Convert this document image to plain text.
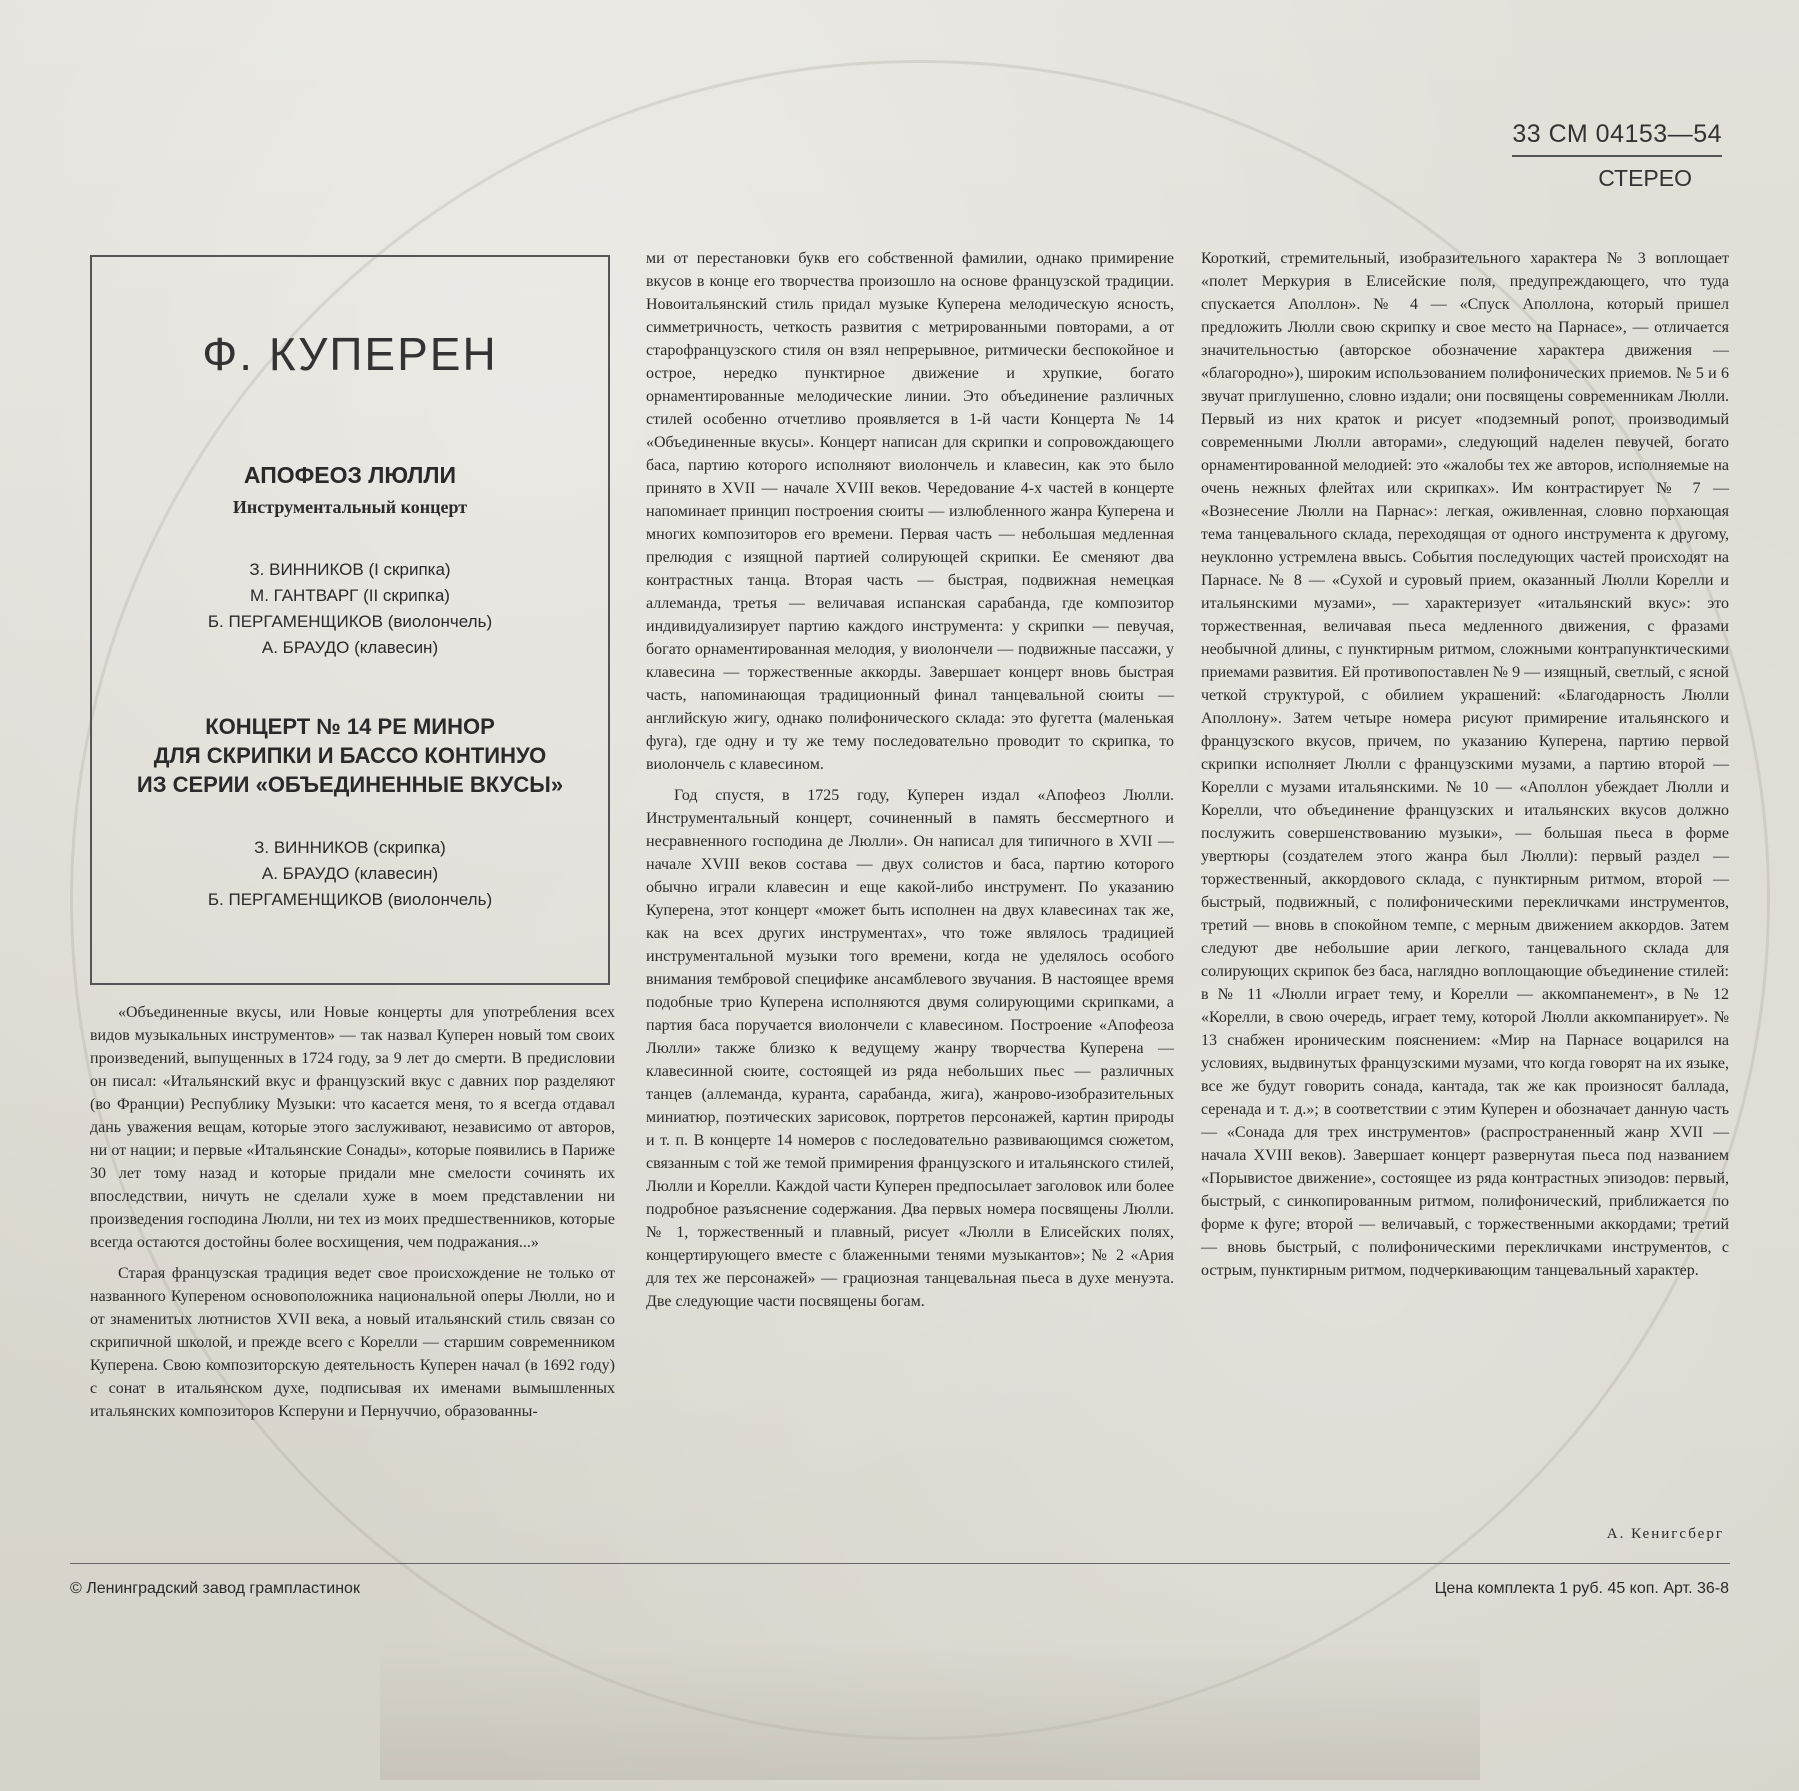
33 СМ 04153—54
СТЕРЕО
Ф. КУПЕРЕН
АПОФЕОЗ ЛЮЛЛИ
Инструментальный концерт
З. ВИННИКОВ (I скрипка)
М. ГАНТВАРГ (II скрипка)
Б. ПЕРГАМЕНЩИКОВ (виолончель)
А. БРАУДО (клавесин)
КОНЦЕРТ № 14 РЕ МИНОР
ДЛЯ СКРИПКИ И БАССО КОНТИНУО
ИЗ СЕРИИ «ОБЪЕДИНЕННЫЕ ВКУСЫ»
З. ВИННИКОВ (скрипка)
А. БРАУДО (клавесин)
Б. ПЕРГАМЕНЩИКОВ (виолончель)

«Объединенные вкусы, или Новые концерты для употребления всех видов музыкальных инструментов» — так назвал Куперен новый том своих произведений, выпущенных в 1724 году, за 9 лет до смерти. В предисловии он писал: «Итальянский вкус и французский вкус с давних пор разделяют (во Франции) Республику Музыки: что касается меня, то я всегда отдавал дань уважения вещам, которые этого заслуживают, независимо от авторов, ни от нации; и первые «Итальянские Сонады», которые появились в Париже 30 лет тому назад и которые придали мне смелости сочинять их впоследствии, ничуть не сделали хуже в моем представлении ни произведения господина Люлли, ни тех из моих предшественников, которые всегда остаются достойны более восхищения, чем подражания...»

Старая французская традиция ведет свое происхождение не только от названного Купереном основоположника национальной оперы Люлли, но и от знаменитых лютнистов XVII века, а новый итальянский стиль связан со скрипичной школой, и прежде всего с Корелли — старшим современником Куперена. Свою композиторскую деятельность Куперен начал (в 1692 году) с сонат в итальянском духе, подписывая их именами вымышленных итальянских композиторов Ксперуни и Пернуччио, образованны-

ми от перестановки букв его собственной фамилии, однако примирение вкусов в конце его творчества произошло на основе французской традиции. Новоитальянский стиль придал музыке Куперена мелодическую ясность, симметричность, четкость развития с метрированными повторами, а от старофранцузского стиля он взял непрерывное, ритмически беспокойное и острое, нередко пунктирное движение и хрупкие, богато орнаментированные мелодические линии. Это объединение различных стилей особенно отчетливо проявляется в 1-й части Концерта № 14 «Объединенные вкусы». Концерт написан для скрипки и сопровождающего баса, партию которого исполняют виолончель и клавесин, как это было принято в XVII — начале XVIII веков. Чередование 4-х частей в концерте напоминает принцип построения сюиты — излюбленного жанра Куперена и многих композиторов его времени. Первая часть — небольшая медленная прелюдия с изящной партией солирующей скрипки. Ее сменяют два контрастных танца. Вторая часть — быстрая, подвижная немецкая аллеманда, третья — величавая испанская сарабанда, где композитор индивидуализирует партию каждого инструмента: у скрипки — певучая, богато орнаментированная мелодия, у виолончели — подвижные пассажи, у клавесина — торжественные аккорды. Завершает концерт вновь быстрая часть, напоминающая традиционный финал танцевальной сюиты — английскую жигу, однако полифонического склада: это фугетта (маленькая фуга), где одну и ту же тему последовательно проводит то скрипка, то виолончель с клавесином.

Год спустя, в 1725 году, Куперен издал «Апофеоз Люлли. Инструментальный концерт, сочиненный в память бессмертного и несравненного господина де Люлли». Он написал для типичного в XVII — начале XVIII веков состава — двух солистов и баса, партию которого обычно играли клавесин и еще какой-либо инструмент. По указанию Куперена, этот концерт «может быть исполнен на двух клавесинах так же, как на всех других инструментах», что тоже являлось традицией инструментальной музыки того времени, когда не уделялось особого внимания тембровой специфике ансамблевого звучания. В настоящее время подобные трио Куперена исполняются двумя солирующими скрипками, а партия баса поручается виолончели с клавесином. Построение «Апофеоза Люлли» также близко к ведущему жанру творчества Куперена — клавесинной сюите, состоящей из ряда небольших пьес — различных танцев (аллеманда, куранта, сарабанда, жига), жанрово-изобразительных миниатюр, поэтических зарисовок, портретов персонажей, картин природы и т. п. В концерте 14 номеров с последовательно развивающимся сюжетом, связанным с той же темой примирения французского и итальянского стилей, Люлли и Корелли. Каждой части Куперен предпосылает заголовок или более подробное разъяснение содержания. Два первых номера посвящены Люлли. № 1, торжественный и плавный, рисует «Люлли в Елисейских полях, концертирующего вместе с блаженными тенями музыкантов»; № 2 «Ария для тех же персонажей» — грациозная танцевальная пьеса в духе менуэта. Две следующие части посвящены богам.

Короткий, стремительный, изобразительного характера № 3 воплощает «полет Меркурия в Елисейские поля, предупреждающего, что туда спускается Аполлон». № 4 — «Спуск Аполлона, который пришел предложить Люлли свою скрипку и свое место на Парнасе», — отличается значительностью (авторское обозначение характера движения — «благородно»), широким использованием полифонических приемов. № 5 и 6 звучат приглушенно, словно издали; они посвящены современникам Люлли. Первый из них краток и рисует «подземный ропот, производимый современными Люлли авторами», следующий наделен певучей, богато орнаментированной мелодией: это «жалобы тех же авторов, исполняемые на очень нежных флейтах или скрипках». Им контрастирует № 7 — «Вознесение Люлли на Парнас»: легкая, оживленная, словно порхающая тема танцевального склада, переходящая от одного инструмента к другому, неуклонно устремлена ввысь. События последующих частей происходят на Парнасе. № 8 — «Сухой и суровый прием, оказанный Люлли Корелли и итальянскими музами», — характеризует «итальянский вкус»: это торжественная, величавая пьеса медленного движения, с фразами необычной длины, с пунктирным ритмом, сложными контрапунктическими приемами развития. Ей противопоставлен № 9 — изящный, светлый, с ясной четкой структурой, с обилием украшений: «Благодарность Люлли Аполлону». Затем четыре номера рисуют примирение итальянского и французского вкусов, причем, по указанию Куперена, партию первой скрипки исполняет Люлли с французскими музами, а партию второй — Корелли с музами итальянскими. № 10 — «Аполлон убеждает Люлли и Корелли, что объединение французских и итальянских вкусов должно послужить совершенствованию музыки», — большая пьеса в форме увертюры (создателем этого жанра был Люлли): первый раздел — торжественный, аккордового склада, с пунктирным ритмом, второй — быстрый, подвижный, с полифоническими перекличками инструментов, третий — вновь в спокойном темпе, с мерным движением аккордов. Затем следуют две небольшие арии легкого, танцевального склада для солирующих скрипок без баса, наглядно воплощающие объединение стилей: в № 11 «Люлли играет тему, и Корелли — аккомпанемент», в № 12 «Корелли, в свою очередь, играет тему, которой Люлли аккомпанирует». № 13 снабжен ироническим пояснением: «Мир на Парнасе воцарился на условиях, выдвинутых французскими музами, что когда говорят на их языке, все же будут говорить сонада, кантада, так же как произносят баллада, серенада и т. д.»; в соответствии с этим Куперен и обозначает данную часть — «Сонада для трех инструментов» (распространенный жанр XVII — начала XVIII веков). Завершает концерт развернутая пьеса под названием «Порывистое движение», состоящее из ряда контрастных эпизодов: первый, быстрый, с синкопированным ритмом, полифонический, приближается по форме к фуге; второй — величавый, с торжественными аккордами; третий — вновь быстрый, с полифоническими перекличками инструментов, с острым, пунктирным ритмом, подчеркивающим танцевальный характер.

А. Кенигсберг
© Ленинградский завод грампластинок	Цена комплекта 1 руб. 45 коп. Арт. 36-8
